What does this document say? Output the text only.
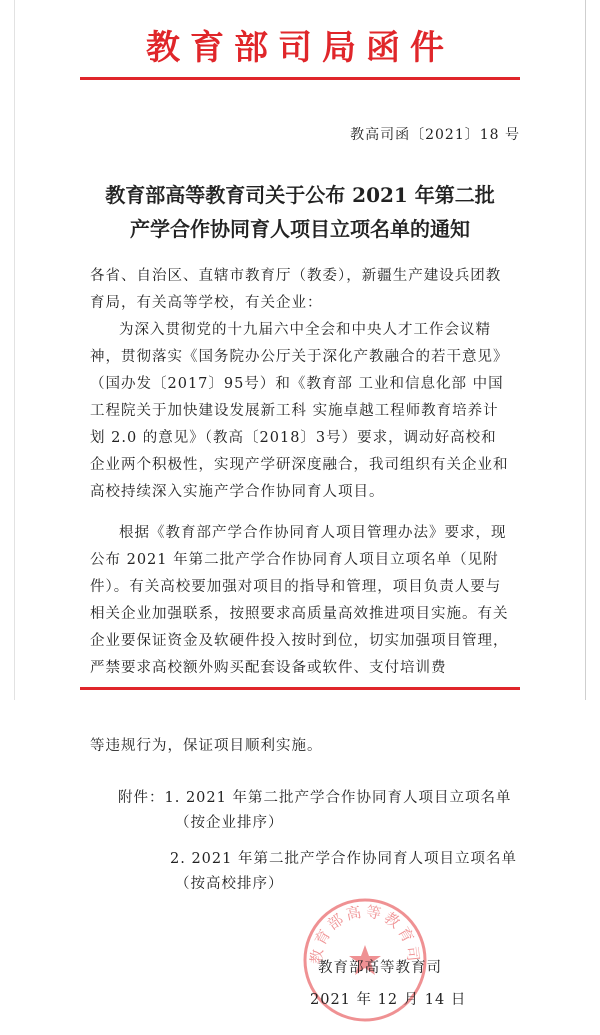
教育部司局函件
教高司函〔2021〕18 号
教育部高等教育司关于公布 2021 年第二批
产学合作协同育人项目立项名单的通知
各省、自治区、直辖市教育厅（教委），新疆生产建设兵团教育局，有关高等学校，有关企业：
为深入贯彻党的十九届六中全会和中央人才工作会议精神，贯彻落实《国务院办公厅关于深化产教融合的若干意见》（国办发〔2017〕95号）和《教育部 工业和信息化部 中国工程院关于加快建设发展新工科 实施卓越工程师教育培养计划 2.0 的意见》（教高〔2018〕3号）要求，调动好高校和企业两个积极性，实现产学研深度融合，我司组织有关企业和高校持续深入实施产学合作协同育人项目。
根据《教育部产学合作协同育人项目管理办法》要求，现公布 2021 年第二批产学合作协同育人项目立项名单（见附件）。有关高校要加强对项目的指导和管理，项目负责人要与相关企业加强联系，按照要求高质量高效推进项目实施。有关企业要保证资金及软硬件投入按时到位，切实加强项目管理，严禁要求高校额外购买配套设备或软件、支付培训费
等违规行为，保证项目顺利实施。
附件：1. 2021 年第二批产学合作协同育人项目立项名单
（按企业排序）
2. 2021 年第二批产学合作协同育人项目立项名单
（按高校排序）
教育部高等教育司
教育部高等教育司
2021 年 12 月 14 日
